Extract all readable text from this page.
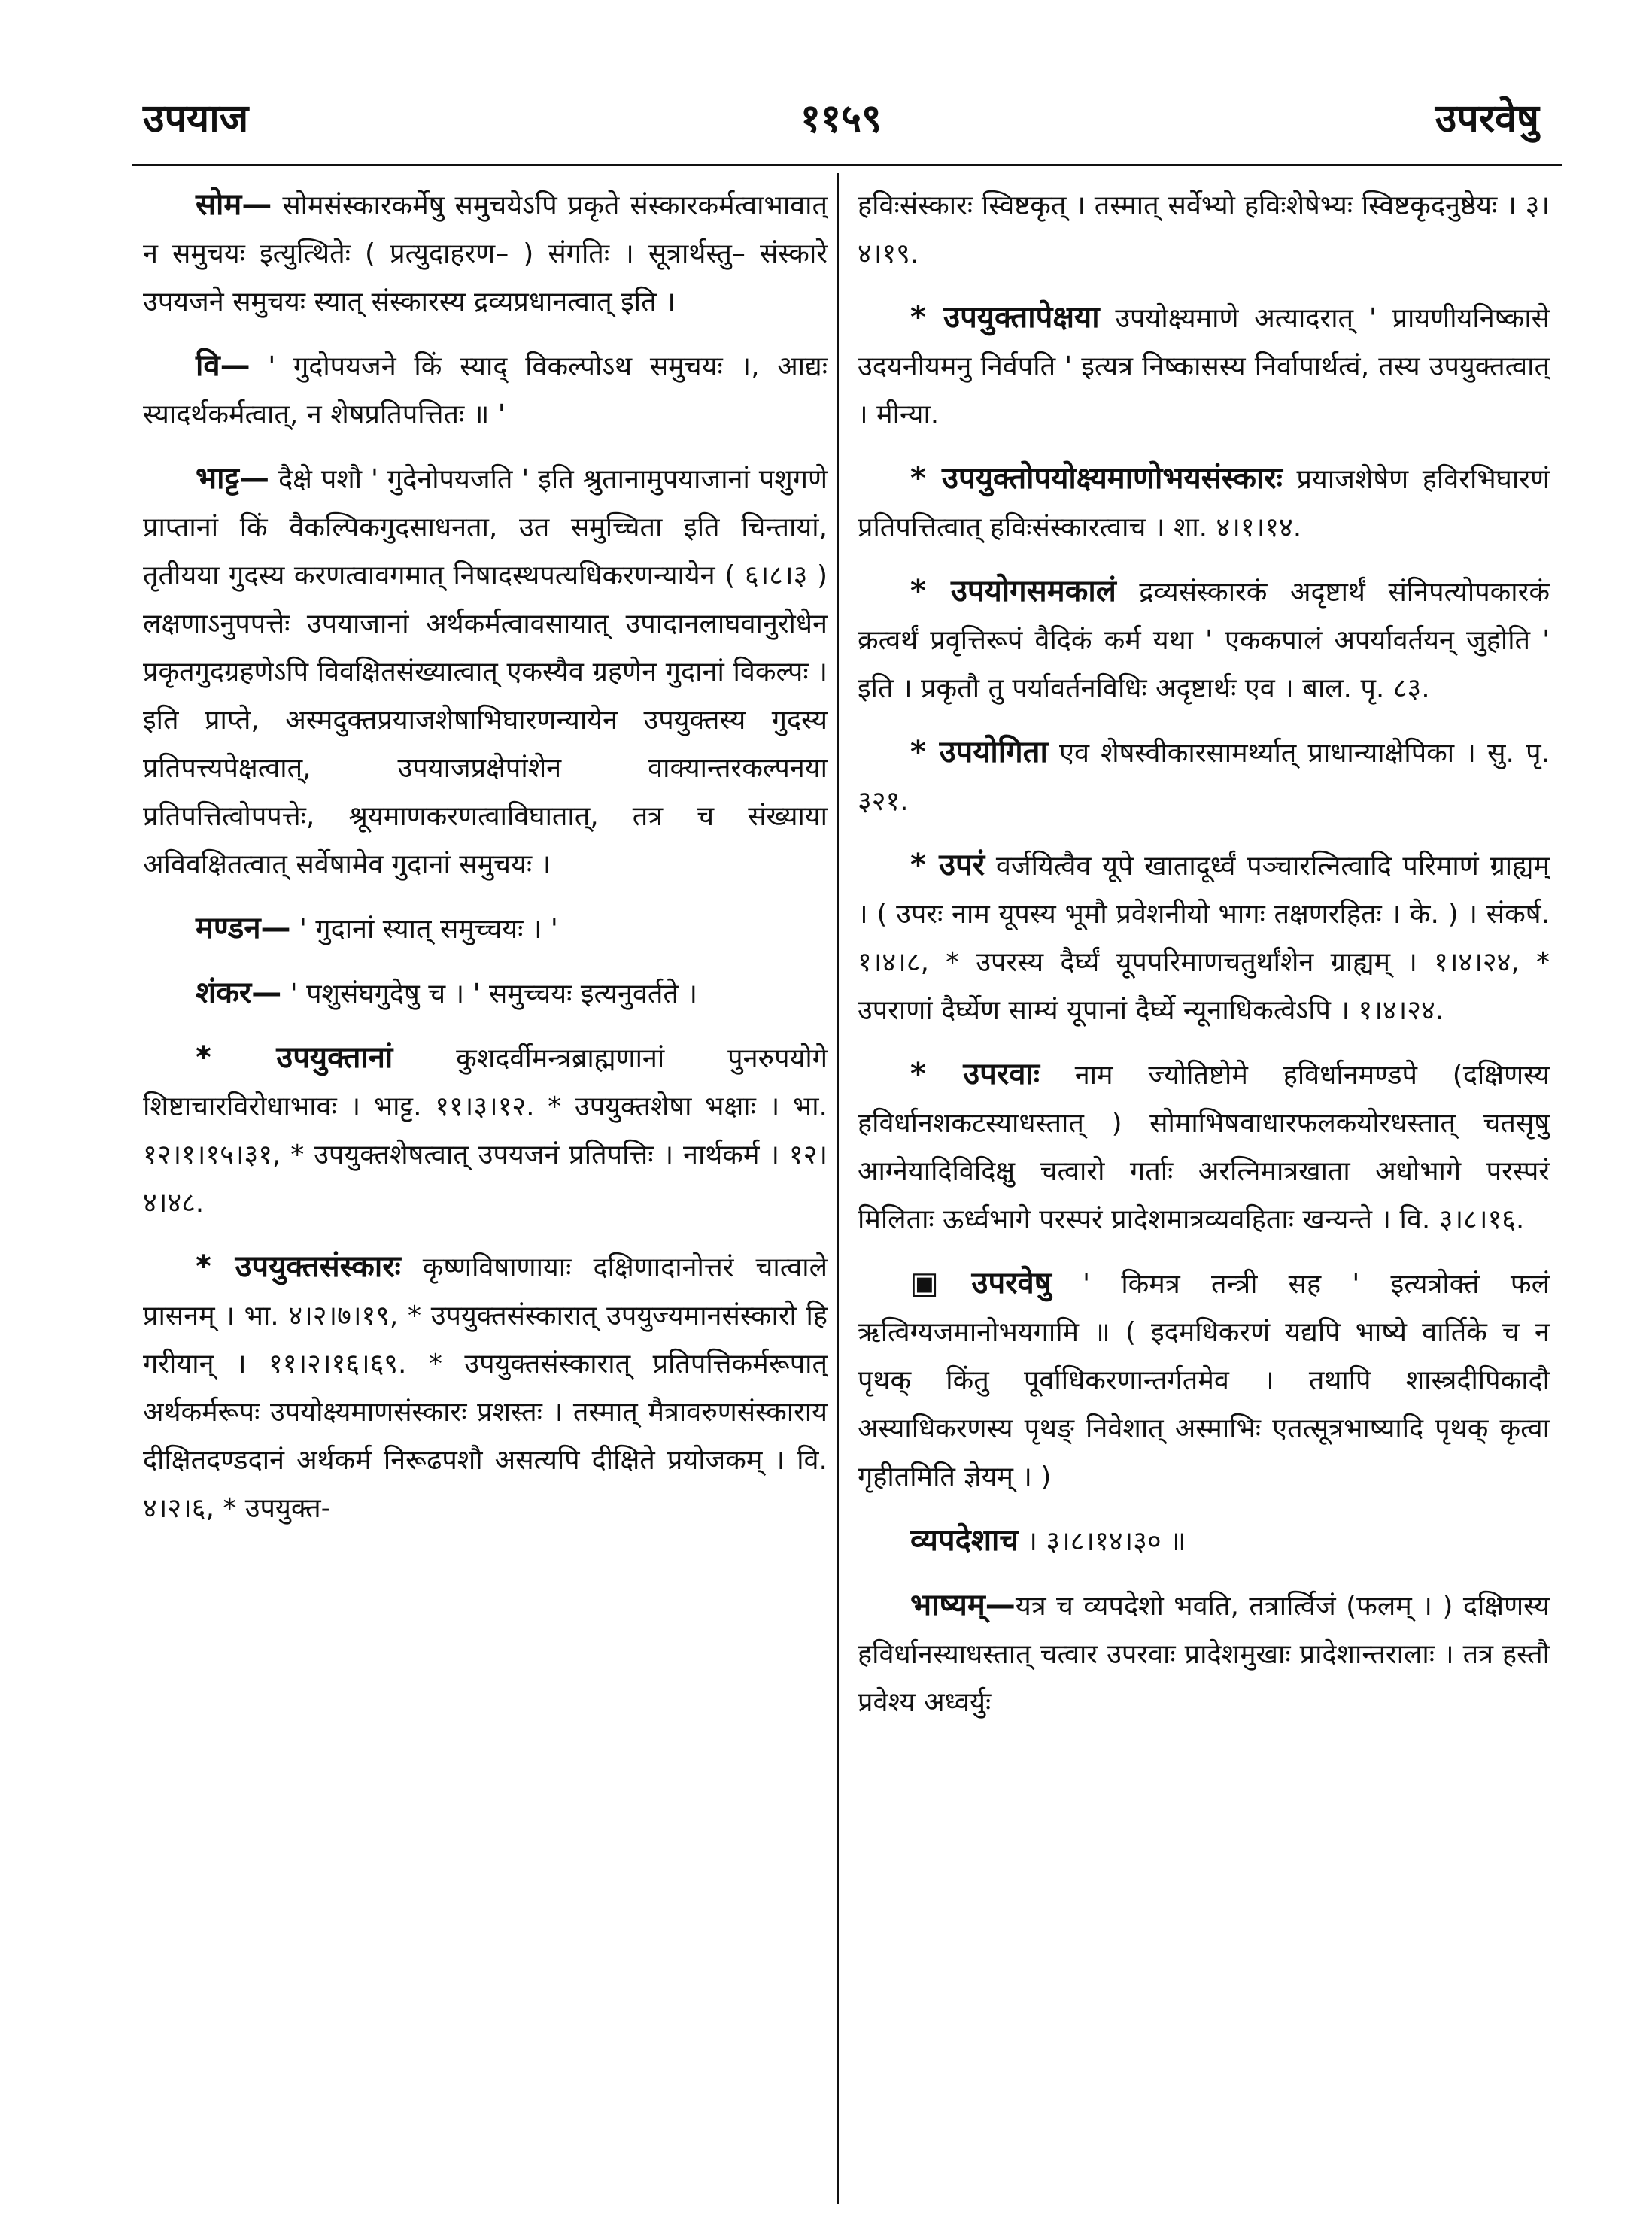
उपयाज	११५९	उपरवेषु

सोम— सोमसंस्कारकर्मेषु समुचयेऽपि प्रकृते संस्कारकर्मत्वाभावात् न समुचयः इत्युत्थितेः ( प्रत्युदाहरण– ) संगतिः । सूत्रार्थस्तु– संस्कारे उपयजने समुचयः स्यात् संस्कारस्य द्रव्यप्रधानत्वात् इति ।

वि— ' गुदोपयजने किं स्याद् विकल्पोऽथ समुचयः ।, आद्यः स्यादर्थकर्मत्वात्, न शेषप्रतिपत्तितः ॥ '

भाट्ट— दैक्षे पशौ ' गुदेनोपयजति ' इति श्रुतानामुपयाजानां पशुगणे प्राप्तानां किं वैकल्पिकगुदसाधनता, उत समुच्चिता इति चिन्तायां, तृतीयया गुदस्य करणत्वावगमात् निषादस्थपत्यधिकरणन्यायेन ( ६।८।३ ) लक्षणाऽनुपपत्तेः उपयाजानां अर्थकर्मत्वावसायात् उपादानलाघवानुरोधेन प्रकृतगुदग्रहणेऽपि विवक्षितसंख्यात्वात् एकस्यैव ग्रहणेन गुदानां विकल्पः । इति प्राप्ते, अस्मदुक्तप्रयाजशेषाभिघारणन्यायेन उपयुक्तस्य गुदस्य प्रतिपत्त्यपेक्षत्वात्, उपयाजप्रक्षेपांशेन वाक्यान्तरकल्पनया प्रतिपत्तित्वोपपत्तेः, श्रूयमाणकरणत्वाविघातात्, तत्र च संख्याया अविवक्षितत्वात् सर्वेषामेव गुदानां समुचयः ।

मण्डन— ' गुदानां स्यात् समुच्चयः । '

शंकर— ' पशुसंघगुदेषु च । ' समुच्चयः इत्यनुवर्तते ।

* उपयुक्तानां कुशदर्वीमन्त्रब्राह्मणानां पुनरुपयोगे शिष्टाचारविरोधाभावः । भाट्ट. ११।३।१२. * उपयुक्तशेषा भक्षाः । भा. १२।१।१५।३१, * उपयुक्तशेषत्वात् उपयजनं प्रतिपत्तिः । नार्थकर्म । १२।४।४८.

* उपयुक्तसंस्कारः कृष्णविषाणायाः दक्षिणादानोत्तरं चात्वाले प्रासनम् । भा. ४।२।७।१९, * उपयुक्तसंस्कारात् उपयुज्यमानसंस्कारो हि गरीयान् । ११।२।१६।६९. * उपयुक्तसंस्कारात् प्रतिपत्तिकर्मरूपात् अर्थकर्मरूपः उपयोक्ष्यमाणसंस्कारः प्रशस्तः । तस्मात् मैत्रावरुणसंस्काराय दीक्षितदण्डदानं अर्थकर्म निरूढपशौ असत्यपि दीक्षिते प्रयोजकम् । वि. ४।२।६, * उपयुक्त-

हविःसंस्कारः स्विष्टकृत् । तस्मात् सर्वेभ्यो हविःशेषेभ्यः स्विष्टकृदनुष्ठेयः । ३।४।१९.

* उपयुक्तापेक्षया उपयोक्ष्यमाणे अत्यादरात् ' प्रायणीयनिष्कासे उदयनीयमनु निर्वपति ' इत्यत्र निष्कासस्य निर्वापार्थत्वं, तस्य उपयुक्तत्वात् । मीन्या.

* उपयुक्तोपयोक्ष्यमाणोभयसंस्कारः प्रयाजशेषेण हविरभिघारणं प्रतिपत्तित्वात् हविःसंस्कारत्वाच । शा. ४।१।१४.

* उपयोगसमकालं द्रव्यसंस्कारकं अदृष्टार्थं संनिपत्योपकारकं क्रत्वर्थं प्रवृत्तिरूपं वैदिकं कर्म यथा ' एककपालं अपर्यावर्तयन् जुहोति ' इति । प्रकृतौ तु पर्यावर्तनविधिः अदृष्टार्थः एव । बाल. पृ. ८३.

* उपयोगिता एव शेषस्वीकारसामर्थ्यात् प्राधान्याक्षेपिका । सु. पृ. ३२१.

* उपरं वर्जयित्वैव यूपे खातादूर्ध्वं पञ्चारत्नित्वादि परिमाणं ग्राह्यम् । ( उपरः नाम यूपस्य भूमौ प्रवेशनीयो भागः तक्षणरहितः । के. ) । संकर्ष. १।४।८, * उपरस्य दैर्घ्यं यूपपरिमाणचतुर्थांशेन ग्राह्यम् । १।४।२४, * उपराणां दैर्घ्येण साम्यं यूपानां दैर्घ्ये न्यूनाधिकत्वेऽपि । १।४।२४.

* उपरवाः नाम ज्योतिष्टोमे हविर्धानमण्डपे (दक्षिणस्य हविर्धानशकटस्याधस्तात् ) सोमाभिषवाधारफलकयोरधस्तात् चतसृषु आग्नेयादिविदिक्षु चत्वारो गर्ताः अरत्निमात्रखाता अधोभागे परस्परं मिलिताः ऊर्ध्वभागे परस्परं प्रादेशमात्रव्यवहिताः खन्यन्ते । वि. ३।८।१६.

▣ उपरवेषु ' किमत्र तन्त्री सह ' इत्यत्रोक्तं फलं ऋत्विग्यजमानोभयगामि ॥ ( इदमधिकरणं यद्यपि भाष्ये वार्तिके च न पृथक् किंतु पूर्वाधिकरणान्तर्गतमेव । तथापि शास्त्रदीपिकादौ अस्याधिकरणस्य पृथङ् निवेशात् अस्माभिः एतत्सूत्रभाष्यादि पृथक् कृत्वा गृहीतमिति ज्ञेयम् । )

व्यपदेशाच । ३।८।१४।३० ॥

भाष्यम्—यत्र च व्यपदेशो भवति, तत्रार्त्विजं (फलम् । ) दक्षिणस्य हविर्धानस्याधस्तात् चत्वार उपरवाः प्रादेशमुखाः प्रादेशान्तरालाः । तत्र हस्तौ प्रवेश्य अध्वर्युः
